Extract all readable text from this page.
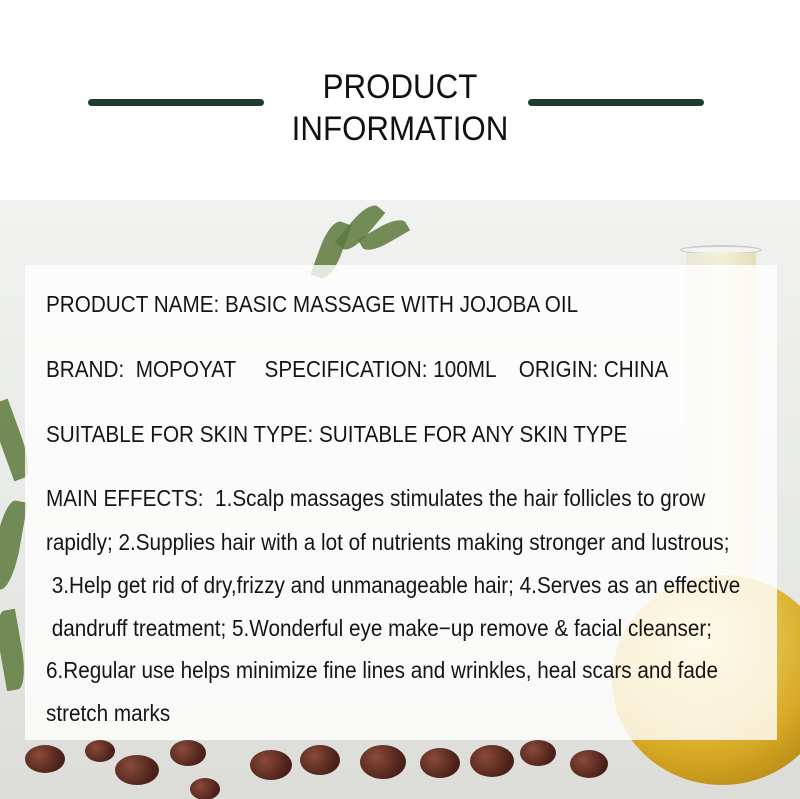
PRODUCT
INFORMATION
PRODUCT NAME: BASIC MASSAGE WITH JOJOBA OIL
BRAND:  MOPOYAT     SPECIFICATION: 100ML    ORIGIN: CHINA
SUITABLE FOR SKIN TYPE: SUITABLE FOR ANY SKIN TYPE
MAIN EFFECTS:  1.Scalp massages stimulates the hair follicles to grow
rapidly; 2.Supplies hair with a lot of nutrients making stronger and lustrous;
3.Help get rid of dry,frizzy and unmanageable hair; 4.Serves as an effective
dandruff treatment; 5.Wonderful eye make−up remove & facial cleanser;
6.Regular use helps minimize fine lines and wrinkles, heal scars and fade
stretch marks
